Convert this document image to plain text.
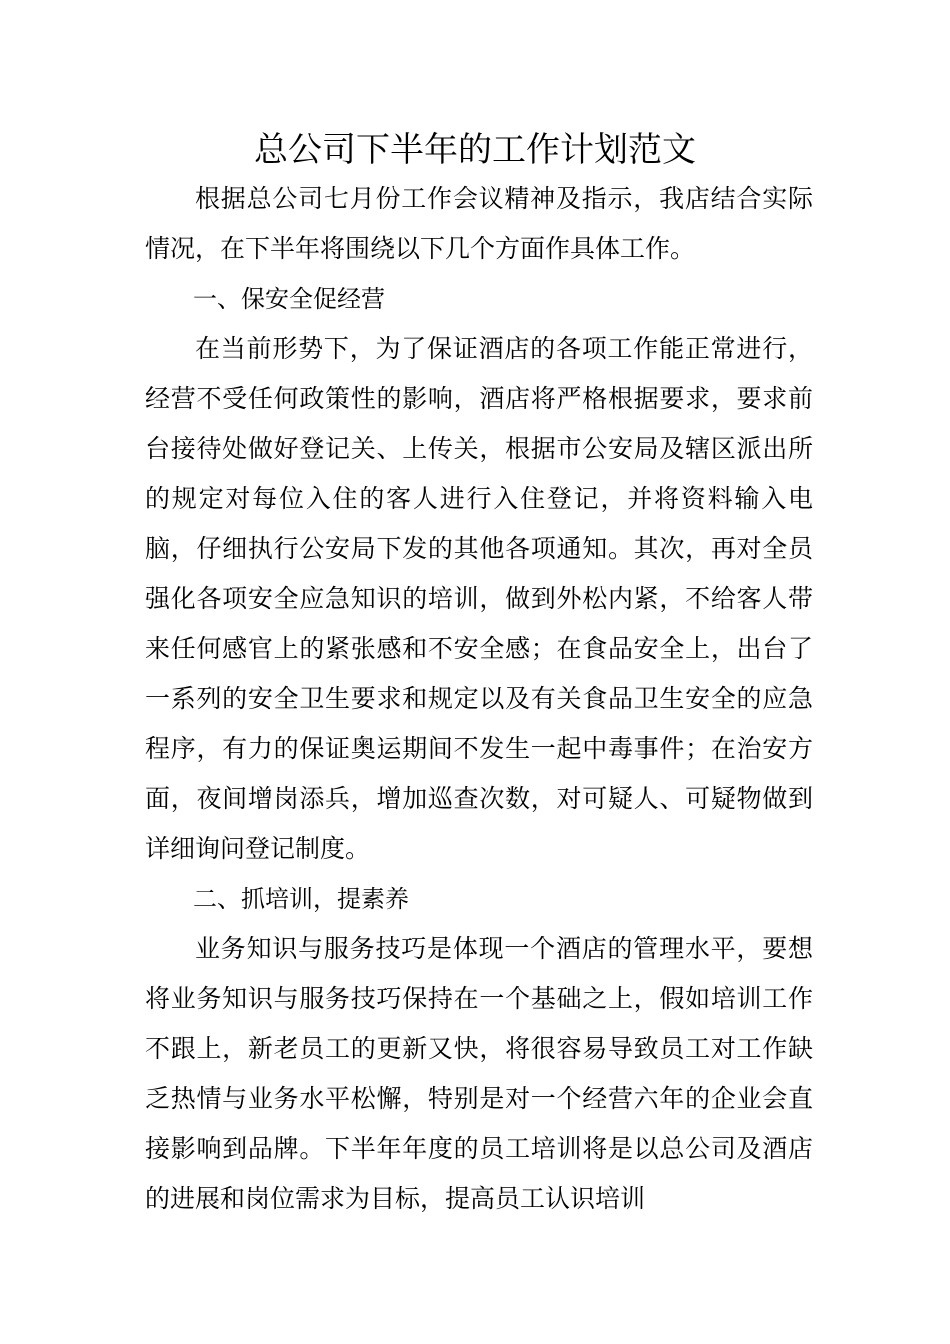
总公司下半年的工作计划范文

根据总公司七月份工作会议精神及指示，我店结合实际情况，在下半年将围绕以下几个方面作具体工作。

一、保安全促经营

在当前形势下，为了保证酒店的各项工作能正常进行，经营不受任何政策性的影响，酒店将严格根据要求，要求前台接待处做好登记关、上传关，根据市公安局及辖区派出所的规定对每位入住的客人进行入住登记，并将资料输入电脑，仔细执行公安局下发的其他各项通知。其次，再对全员强化各项安全应急知识的培训，做到外松内紧，不给客人带来任何感官上的紧张感和不安全感；在食品安全上，出台了一系列的安全卫生要求和规定以及有关食品卫生安全的应急程序，有力的保证奥运期间不发生一起中毒事件；在治安方面，夜间增岗添兵，增加巡查次数，对可疑人、可疑物做到详细询问登记制度。

二、抓培训，提素养

业务知识与服务技巧是体现一个酒店的管理水平，要想将业务知识与服务技巧保持在一个基础之上，假如培训工作不跟上，新老员工的更新又快，将很容易导致员工对工作缺乏热情与业务水平松懈，特别是对一个经营六年的企业会直接影响到品牌。下半年年度的员工培训将是以总公司及酒店的进展和岗位需求为目标，提高员工认识培训
